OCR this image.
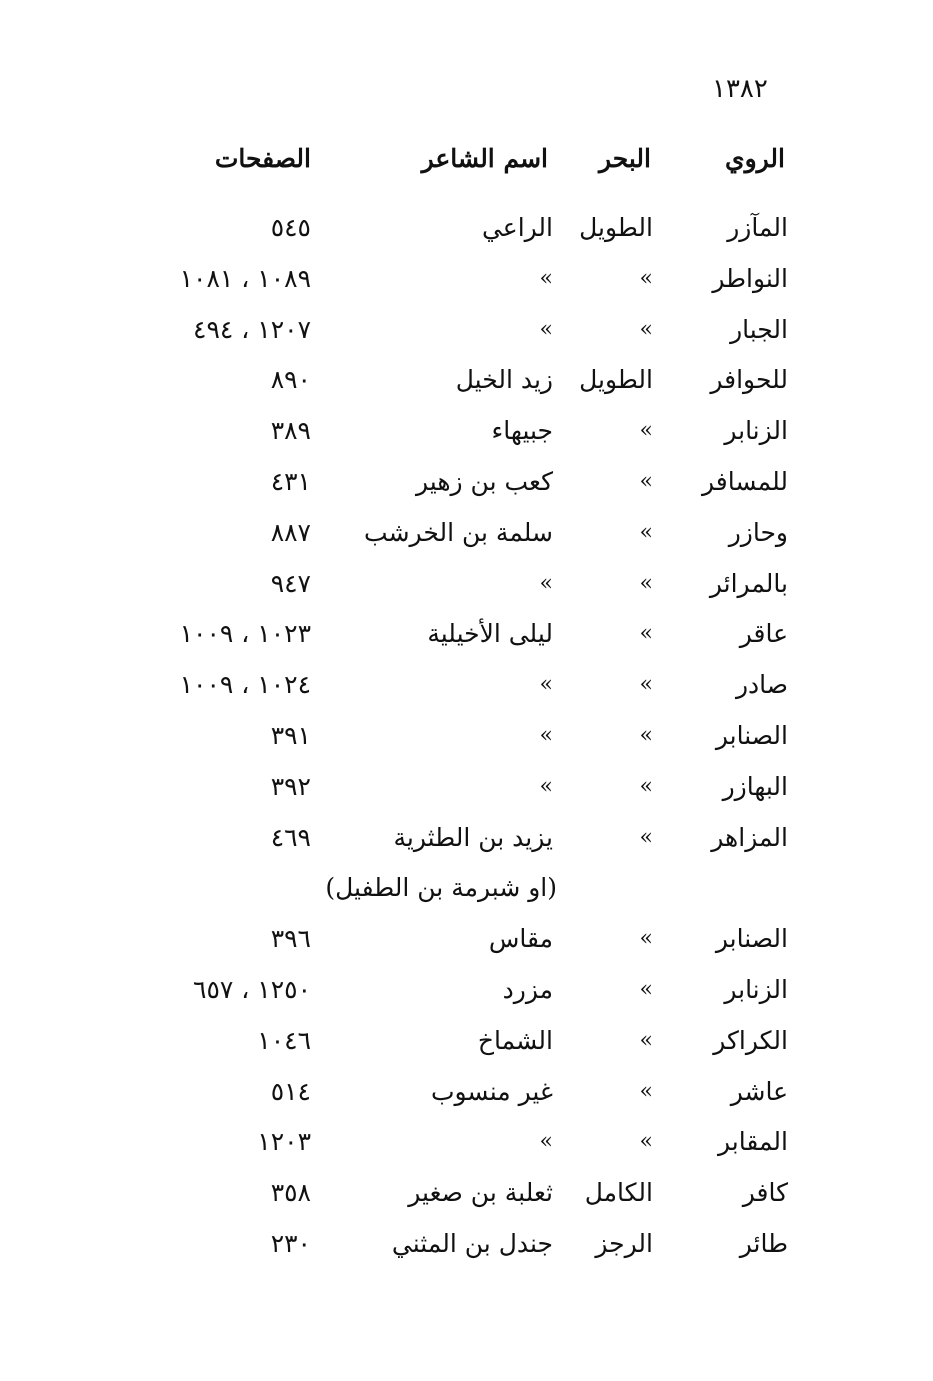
١٣٨٢
الروي
البحر
اسم الشاعر
الصفحات
المآزر
الطويل
الراعي
٥٤٥
النواطر
»
»
١٠٨٩ ، ١٠٨١
الجبار
»
»
١٢٠٧ ، ٤٩٤
للحوافر
الطويل
زيد الخيل
٨٩٠
الزنابر
»
جبيهاء
٣٨٩
للمسافر
»
كعب بن زهير
٤٣١
وحازر
»
سلمة بن الخرشب
٨٨٧
بالمرائر
»
»
٩٤٧
عاقر
»
ليلى الأخيلية
١٠٢٣ ، ١٠٠٩
صادر
»
»
١٠٢٤ ، ١٠٠٩
الصنابر
»
»
٣٩١
البهازر
»
»
٣٩٢
المزاهر
»
يزيد بن الطثرية
٤٦٩
(او شبرمة بن الطفيل)
الصنابر
»
مقاس
٣٩٦
الزنابر
»
مزرد
١٢٥٠ ، ٦٥٧
الكراكر
»
الشماخ
١٠٤٦
عاشر
»
غير منسوب
٥١٤
المقابر
»
»
١٢٠٣
كافر
الكامل
ثعلبة بن صغير
٣٥٨
طائر
الرجز
جندل بن المثني
٢٣٠
